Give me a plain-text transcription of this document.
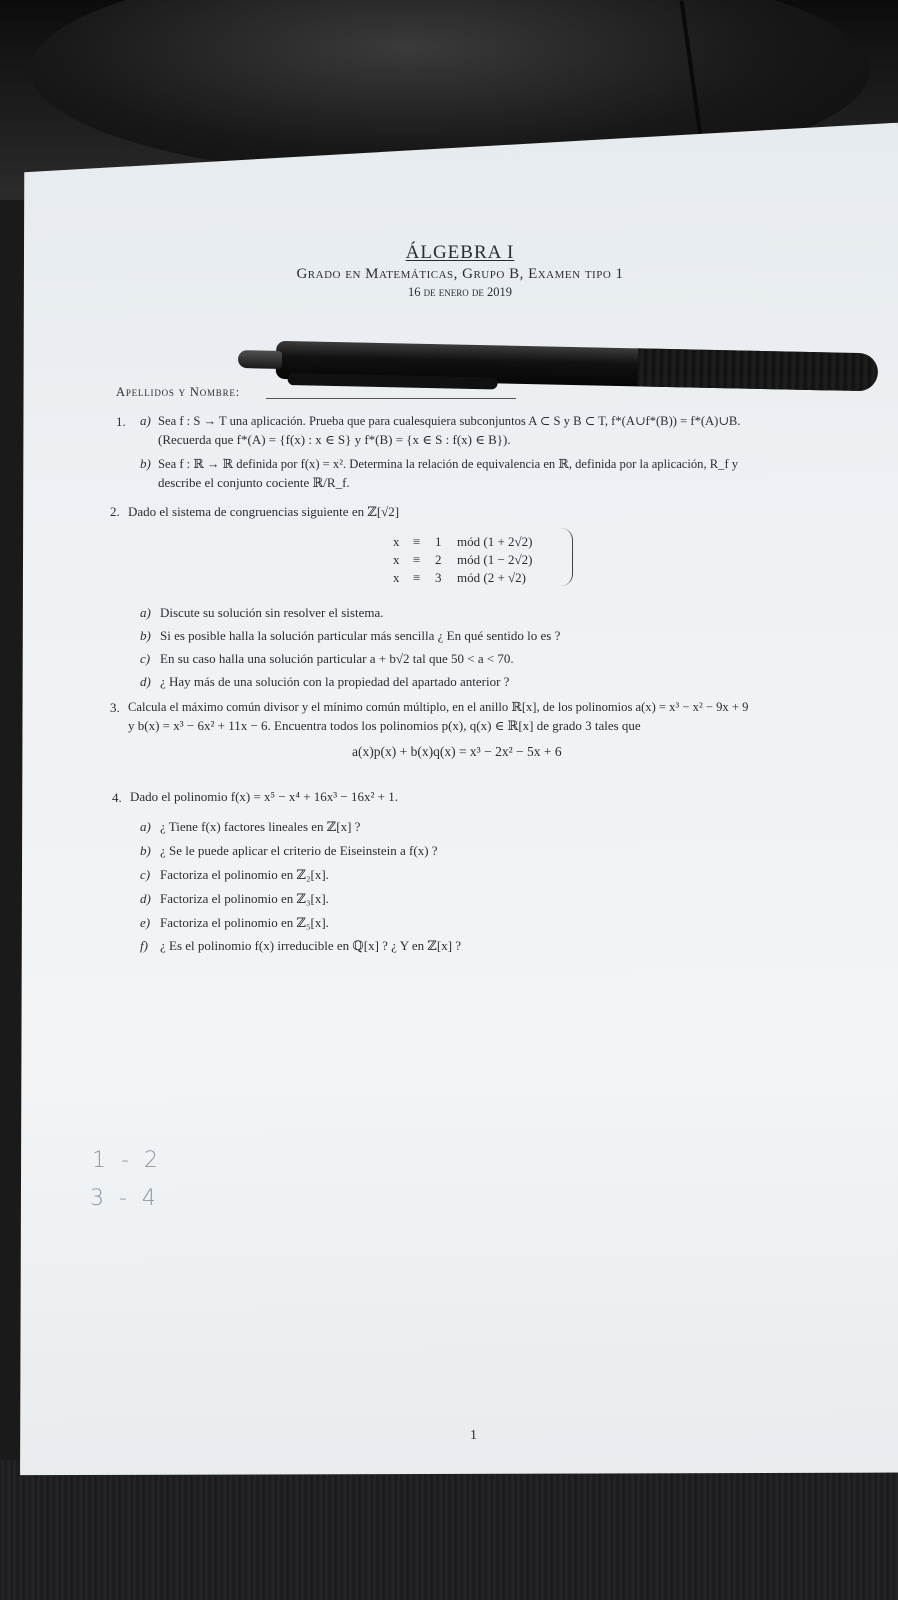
ÁLGEBRA I
Grado en Matemáticas, Grupo B, Examen tipo 1
16 de enero de 2019
Apellidos y Nombre:
1. a) Sea f : S → T una aplicación. Prueba que para cualesquiera subconjuntos A ⊂ S y B ⊂ T, f*(A∪f*(B)) = f*(A)∪B.
(Recuerda que f*(A) = {f(x) : x ∈ S} y f*(B) = {x ∈ S : f(x) ∈ B}).
b) Sea f : ℝ → ℝ definida por f(x) = x². Determina la relación de equivalencia en ℝ, definida por la aplicación, R_f y
describe el conjunto cociente ℝ/R_f.
2. Dado el sistema de congruencias siguiente en ℤ[√2]
x ≡	1	mód (1 + 2√2)
x ≡	2	mód (1 − 2√2)
x ≡	3	mód (2 + √2)
a) Discute su solución sin resolver el sistema.
b) Si es posible halla la solución particular más sencilla ¿ En qué sentido lo es ?
c) En su caso halla una solución particular a + b√2 tal que 50 < a < 70.
d) ¿ Hay más de una solución con la propiedad del apartado anterior ?
3. Calcula el máximo común divisor y el mínimo común múltiplo, en el anillo ℝ[x], de los polinomios a(x) = x³ − x² − 9x + 9
y b(x) = x³ − 6x² + 11x − 6. Encuentra todos los polinomios p(x), q(x) ∈ ℝ[x] de grado 3 tales que
a(x)p(x) + b(x)q(x) = x³ − 2x² − 5x + 6
4. Dado el polinomio f(x) = x⁵ − x⁴ + 16x³ − 16x² + 1.
a) ¿ Tiene f(x) factores lineales en ℤ[x] ?
b) ¿ Se le puede aplicar el criterio de Eiseinstein a f(x) ?
c) Factoriza el polinomio en ℤ₂[x].
d) Factoriza el polinomio en ℤ₃[x].
e) Factoriza el polinomio en ℤ₅[x].
f) ¿ Es el polinomio f(x) irreducible en ℚ[x] ? ¿ Y en ℤ[x] ?
1 - 2
3 - 4
1
